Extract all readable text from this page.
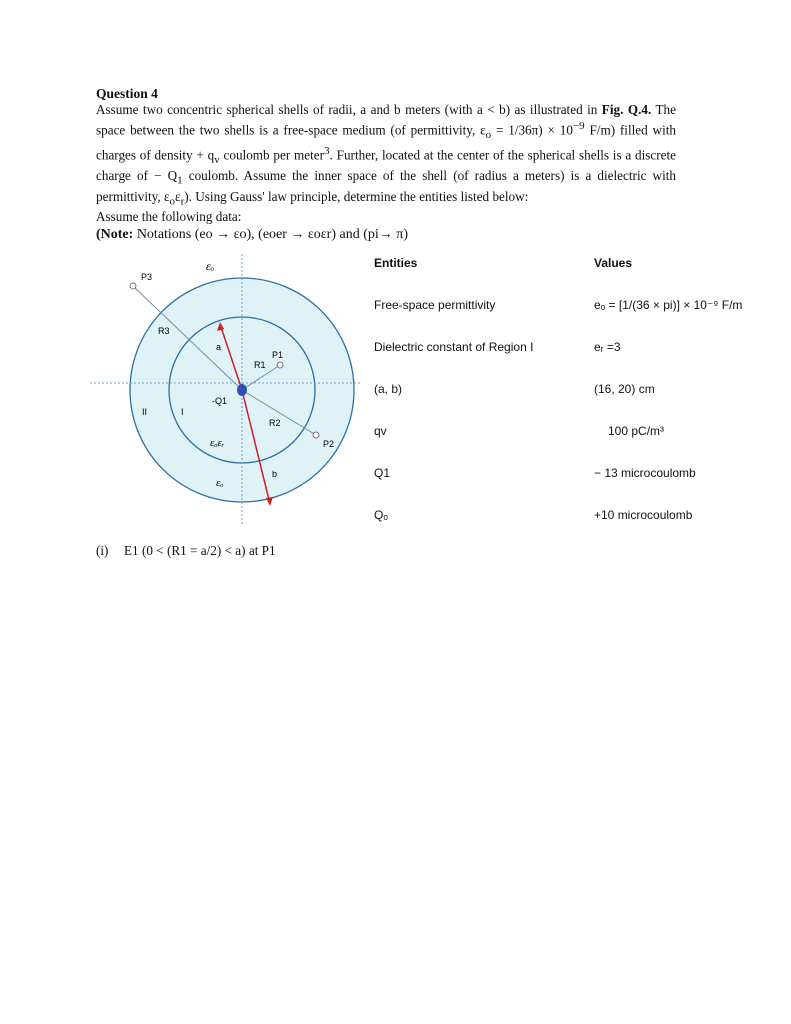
Question 4

Assume two concentric spherical shells of radii, a and b meters (with a < b) as illustrated in Fig. Q.4. The space between the two shells is a free-space medium (of permittivity, $\varepsilon_o = 1/36\pi) \times 10^{-9}$ F/m) filled with charges of density + $q_v$ coulomb per meter$^3$. Further, located at the center of the spherical shells is a discrete charge of − $Q_1$ coulomb. Assume the inner space of the shell (of radius a meters) is a dielectric with permittivity, $\varepsilon_o\varepsilon_r$). Using Gauss' law principle, determine the entities listed below:

Assume the following data:
(Note: Notations (eo → εo), (eoer → εoεr) and (pi→ π)
εₒ
P3
R3
a
P1
R1
-Q1
II	I
R2
P2
εₒεᵣ
b
εₒ
Entities	Values
Free-space permittivity	eₒ = [1/(36 × pi)] × 10⁻⁹ F/m
Dielectric constant of Region I	eᵣ =3
(a, b)	(16, 20) cm
qv	100 pC/m³
Q1	− 13 microcoulomb
Qₒ	+10 microcoulomb
(i) E1 (0 < (R1 = a/2) < a) at P1
